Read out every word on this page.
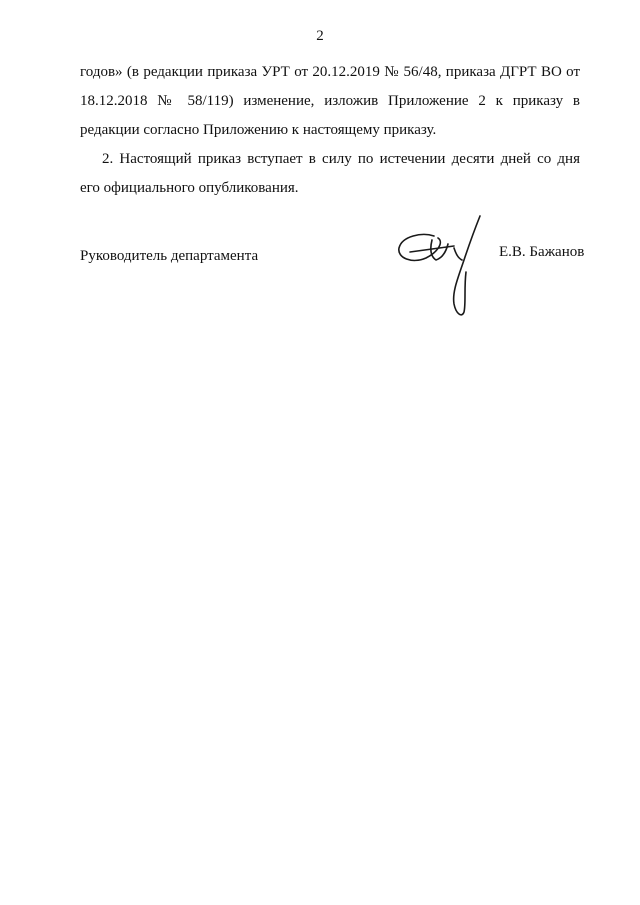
2
годов» (в редакции приказа УРТ от 20.12.2019 № 56/48, приказа ДГРТ ВО от
18.12.2018 № 58/119) изменение, изложив Приложение 2 к приказу в
редакции согласно Приложению к настоящему приказу.
2. Настоящий приказ вступает в силу по истечении десяти дней со дня
его официального опубликования.
Руководитель департамента	Е.В. Бажанов
